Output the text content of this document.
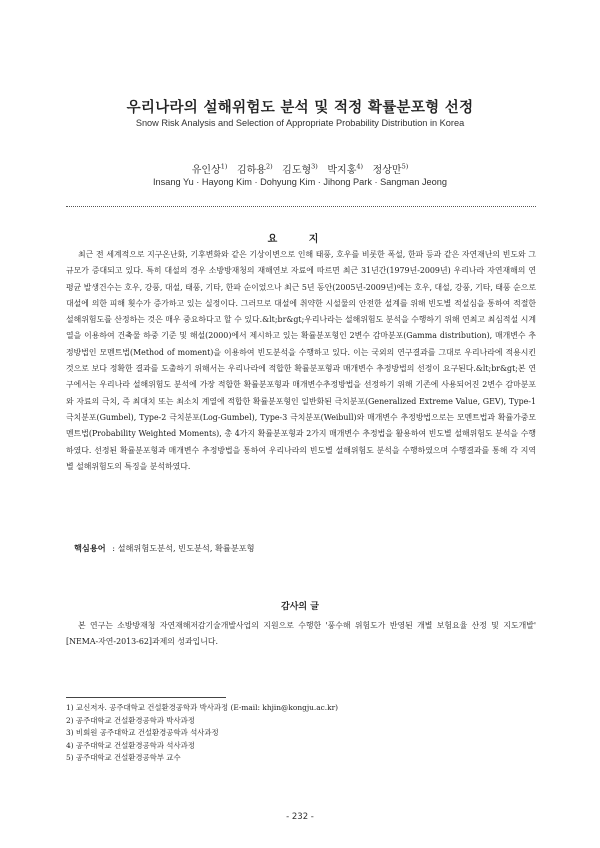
우리나라의 설해위험도 분석 및 적정 확률분포형 선정
Snow Risk Analysis and Selection of Appropriate Probability Distribution in Korea
유인상$^{1)}$ 김하용$^{2)}$ 김도형$^{3)}$ 박지홍$^{4)}$ 정상만$^{5)}$
Insang Yu · Hayong Kim · Dohyung Kim · Jihong Park · Sangman Jeong
요 지

최근 전 세계적으로 지구온난화, 기후변화와 같은 기상이변으로 인해 태풍, 호우를 비롯한 폭설, 한파 등과 같은 자연재난의 빈도와 그 규모가 증대되고 있다. 특히 대설의 경우 소방방재청의 재해연보 자료에 따르면 최근 31년간(1979년-2009년) 우리나라 자연재해의 연평균 발생건수는 호우, 강풍, 대설, 태풍, 기타, 한파 순이었으나 최근 5년 동안(2005년-2009년)에는 호우, 대설, 강풍, 기타, 태풍 순으로 대설에 의한 피해 횟수가 증가하고 있는 실정이다. 그러므로 대설에 취약한 시설물의 안전한 설계를 위해 빈도별 적설심을 통하여 적절한 설해위험도를 산정하는 것은 매우 중요하다고 할 수 있다.&lt;br&gt;우리나라는 설해위험도 분석을 수행하기 위해 연최고 최심적설 시계열을 이용하여 건축물 하중 기준 및 해설(2000)에서 제시하고 있는 확률분포형인 2변수 감마분포(Gamma distribution), 매개변수 추정방법인 모멘트법(Method of moment)을 이용하여 빈도분석을 수행하고 있다. 이는 국외의 연구결과를 그대로 우리나라에 적용시킨 것으로 보다 정확한 결과를 도출하기 위해서는 우리나라에 적합한 확률분포형과 매개변수 추정방법의 선정이 요구된다.&lt;br&gt;본 연구에서는 우리나라 설해위험도 분석에 가장 적합한 확률분포형과 매개변수추정방법을 선정하기 위해 기존에 사용되어진 2변수 감마분포와 자료의 극치, 즉 최대치 또는 최소치 계열에 적합한 확률분포형인 일반화된 극치분포(Generalized Extreme Value, GEV), Type-1 극치분포(Gumbel), Type-2 극치분포(Log-Gumbel), Type-3 극치분포(Weibull)와 매개변수 추정방법으로는 모멘트법과 확률가중모멘트법(Probability Weighted Moments), 총 4가지 확률분포형과 2가지 매개변수 추정법을 활용하여 빈도별 설해위험도 분석을 수행하였다. 선정된 확률분포형과 매개변수 추정방법을 통하여 우리나라의 빈도별 설해위험도 분석을 수행하였으며 수행결과를 통해 각 지역별 설해위험도의 특징을 분석하였다.

핵심용어 : 설해위험도분석, 빈도분석, 확률분포형
감사의 글

본 연구는 소방방재청 자연재해저감기술개발사업의 지원으로 수행한 '풍수해 위험도가 반영된 개별 보험요율 산정 및 지도개발' [NEMA-자연-2013-62]과제의 성과입니다.

1) 교신저자. 공주대학교 건설환경공학과 박사과정 (E-mail: khjin@kongju.ac.kr)
2) 공주대학교 건설환경공학과 박사과정
3) 비회원 공주대학교 건설환경공학과 석사과정
4) 공주대학교 건설환경공학과 석사과정
5) 공주대학교 건설환경공학부 교수
- 232 -
